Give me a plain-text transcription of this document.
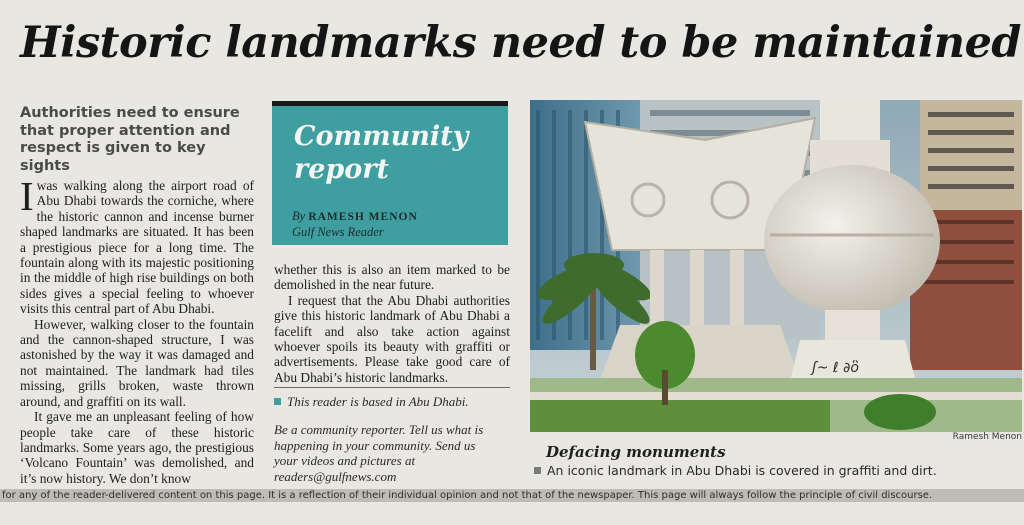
Historic landmarks need to be maintained
Authorities need to ensure that proper attention and respect is given to key sights

Iwas walking along the airport road of Abu Dhabi towards the corniche, where the historic cannon and incense burner shaped landmarks are situated. It has been a prestigious piece for a long time. The fountain along with its majestic positioning in the middle of high rise buildings on both sides gives a special feeling to whoever visits this central part of Abu Dhabi.

However, walking closer to the fountain and the cannon-shaped structure, I was astonished by the way it was damaged and not maintained. The landmark had tiles missing, grills broken, waste thrown around, and graffiti on its wall.

It gave me an unpleasant feeling of how people take care of these historic landmarks. Some years ago, the prestigious ‘Volcano Fountain’ was demolished, and it’s now history. We don’t know

Community
report
By RAMESH MENON
Gulf News Reader

whether this is also an item marked to be demolished in the near future.

I request that the Abu Dhabi authorities give this historic landmark of Abu Dhabi a facelift and also take action against whoever spoils its beauty with graffiti or advertisements. Please take good care of Abu Dhabi’s historic landmarks.

This reader is based in Abu Dhabi.
Be a community reporter. Tell us what is
happening in your community. Send us
your videos and pictures at
readers@gulfnews.com
ʃ~ ℓ ∂ὃ
Ramesh Menon
Defacing monuments
An iconic landmark in Abu Dhabi is covered in graffiti and dirt.
for any of the reader-delivered content on this page. It is a reflection of their individual opinion and not that of the newspaper. This page will always follow the principle of civil discourse.
